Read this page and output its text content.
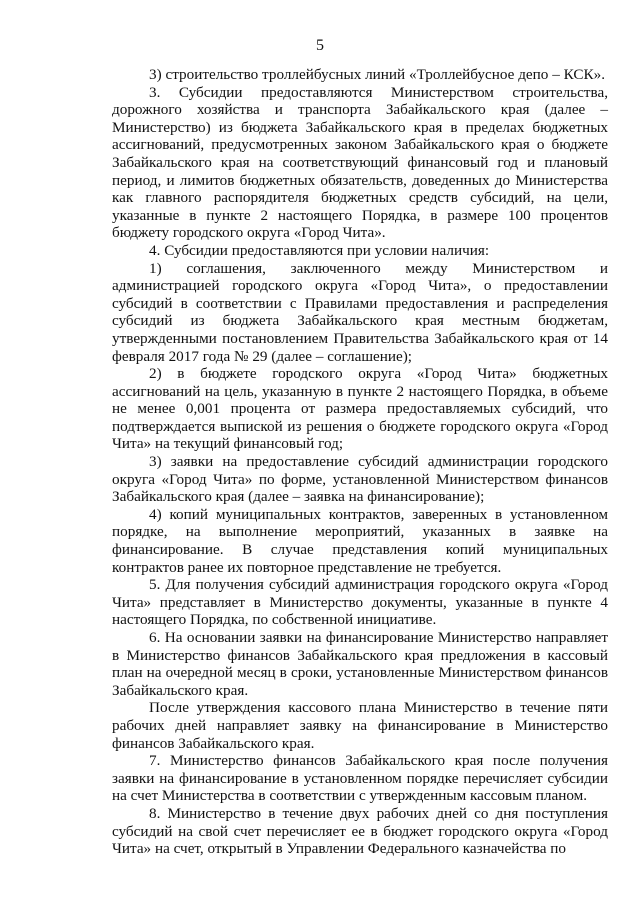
5

3) строительство троллейбусных линий «Троллейбусное депо – КСК».

3. Субсидии предоставляются Министерством строительства, дорожного хозяйства и транспорта Забайкальского края (далее – Министерство) из бюджета Забайкальского края в пределах бюджетных ассигнований, предусмотренных законом Забайкальского края о бюджете Забайкальского края на соответствующий финансовый год и плановый период, и лимитов бюджетных обязательств, доведенных до Министерства как главного распорядителя бюджетных средств субсидий, на цели, указанные в пункте 2 настоящего Порядка, в размере 100 процентов бюджету городского округа «Город Чита».

4. Субсидии предоставляются при условии наличия:

1) соглашения, заключенного между Министерством и администрацией городского округа «Город Чита», о предоставлении субсидий в соответствии с Правилами предоставления и распределения субсидий из бюджета Забайкальского края местным бюджетам, утвержденными постановлением Правительства Забайкальского края от 14 февраля 2017 года № 29 (далее – соглашение);

2) в бюджете городского округа «Город Чита» бюджетных ассигнований на цель, указанную в пункте 2 настоящего Порядка, в объеме не менее 0,001 процента от размера предоставляемых субсидий, что подтверждается выпиской из решения о бюджете городского округа «Город Чита» на текущий финансовый год;

3) заявки на предоставление субсидий администрации городского округа «Город Чита» по форме, установленной Министерством финансов Забайкальского края (далее – заявка на финансирование);

4) копий муниципальных контрактов, заверенных в установленном порядке, на выполнение мероприятий, указанных в заявке на финансирование. В случае представления копий муниципальных контрактов ранее их повторное представление не требуется.

5. Для получения субсидий администрация городского округа «Город Чита» представляет в Министерство документы, указанные в пункте 4 настоящего Порядка, по собственной инициативе.

6. На основании заявки на финансирование Министерство направляет в Министерство финансов Забайкальского края предложения в кассовый план на очередной месяц в сроки, установленные Министерством финансов Забайкальского края.

После утверждения кассового плана Министерство в течение пяти рабочих дней направляет заявку на финансирование в Министерство финансов Забайкальского края.

7. Министерство финансов Забайкальского края после получения заявки на финансирование в установленном порядке перечисляет субсидии на счет Министерства в соответствии с утвержденным кассовым планом.

8. Министерство в течение двух рабочих дней со дня поступления субсидий на свой счет перечисляет ее в бюджет городского округа «Город Чита» на счет, открытый в Управлении Федерального казначейства по
